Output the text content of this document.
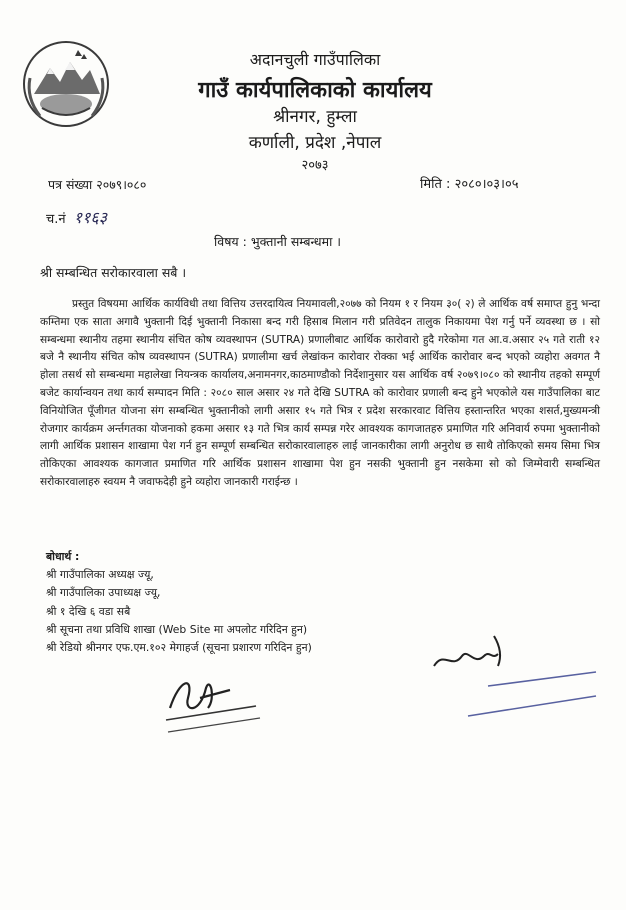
अदानचुली गाउँपालिका
गाउँ कार्यपालिकाको कार्यालय
श्रीनगर, हुम्ला
कर्णाली, प्रदेश ,नेपाल
२०७३
पत्र संख्या २०७९।०८०	मिति : २०८०।०३।०५
च.नं ११६३
विषय : भुक्तानी सम्बन्धमा ।
श्री सम्बन्धित सरोकारवाला सबै ।

प्रस्तुत विषयमा आर्थिक कार्यविधी तथा वित्तिय उत्तरदायित्व नियमावली,२०७७ को नियम १ र नियम ३०( २) ले आर्थिक वर्ष समाप्त हुनु भन्दा कम्तिमा एक साता अगावै भुक्तानी दिई भुक्तानी निकासा बन्द गरी हिसाब मिलान गरी प्रतिवेदन तालुक निकायमा पेश गर्नु पर्ने व्यवस्था छ । सो सम्बन्धमा स्थानीय तहमा स्थानीय संचित कोष व्यवस्थापन (SUTRA) प्रणालीबाट आर्थिक कारोवारो हुदै गरेकोमा गत आ.व.असार २५ गते राती १२ बजे नै स्थानीय संचित कोष व्यवस्थापन (SUTRA) प्रणालीमा खर्च लेखांकन कारोवार रोक्का भई आर्थिक कारोवार बन्द भएको व्यहोरा अवगत नै होला तसर्थ सो सम्बन्धमा महालेखा नियन्त्रक कार्यालय,अनामनगर,काठमाण्डौको निर्देशानुसार यस आर्थिक वर्ष २०७९।०८० को स्थानीय तहको सम्पूर्ण बजेट कार्यान्वयन तथा कार्य सम्पादन मिति : २०८० साल असार २४ गते देखि SUTRA को कारोवार प्रणाली बन्द हुने भएकोले यस गाउँपालिका बाट विनियोजित पूँजीगत योजना संग सम्बन्धित भुक्तानीको लागी असार १५ गते भित्र र प्रदेश सरकारवाट वित्तिय हस्तान्तरित भएका शसर्त,मुख्यमन्त्री रोजगार कार्यक्रम अर्न्तगतका योजनाको हकमा असार १३ गते भित्र कार्य सम्पन्न गरेर आवश्यक कागजातहरु प्रमाणित गरि अनिवार्य रुपमा भुक्तानीको लागी आर्थिक प्रशासन शाखामा पेश गर्न हुन सम्पूर्ण सम्बन्धित सरोकारवालाहरु लाई जानकारीका लागी अनुरोध छ साथै तोकिएको समय सिमा भित्र तोकिएका आवश्यक कागजात प्रमाणित गरि आर्थिक प्रशासन शाखामा पेश हुन नसकी भुक्तानी हुन नसकेमा सो को जिम्मेवारी सम्बन्धित सरोकारवालाहरु स्वयम नै जवाफदेही हुने व्यहोरा जानकारी गराईन्छ ।

बोधार्थ :
श्री गाउँपालिका अध्यक्ष ज्यू,
श्री गाउँपालिका उपाध्यक्ष ज्यू,
श्री १ देखि ६ वडा सबै
श्री सूचना तथा प्रविधि शाखा (Web Site मा अपलोट गरिदिन हुन)
श्री रेडियो श्रीनगर एफ.एम.१०२ मेगाहर्ज (सूचना प्रशारण गरिदिन हुन)
